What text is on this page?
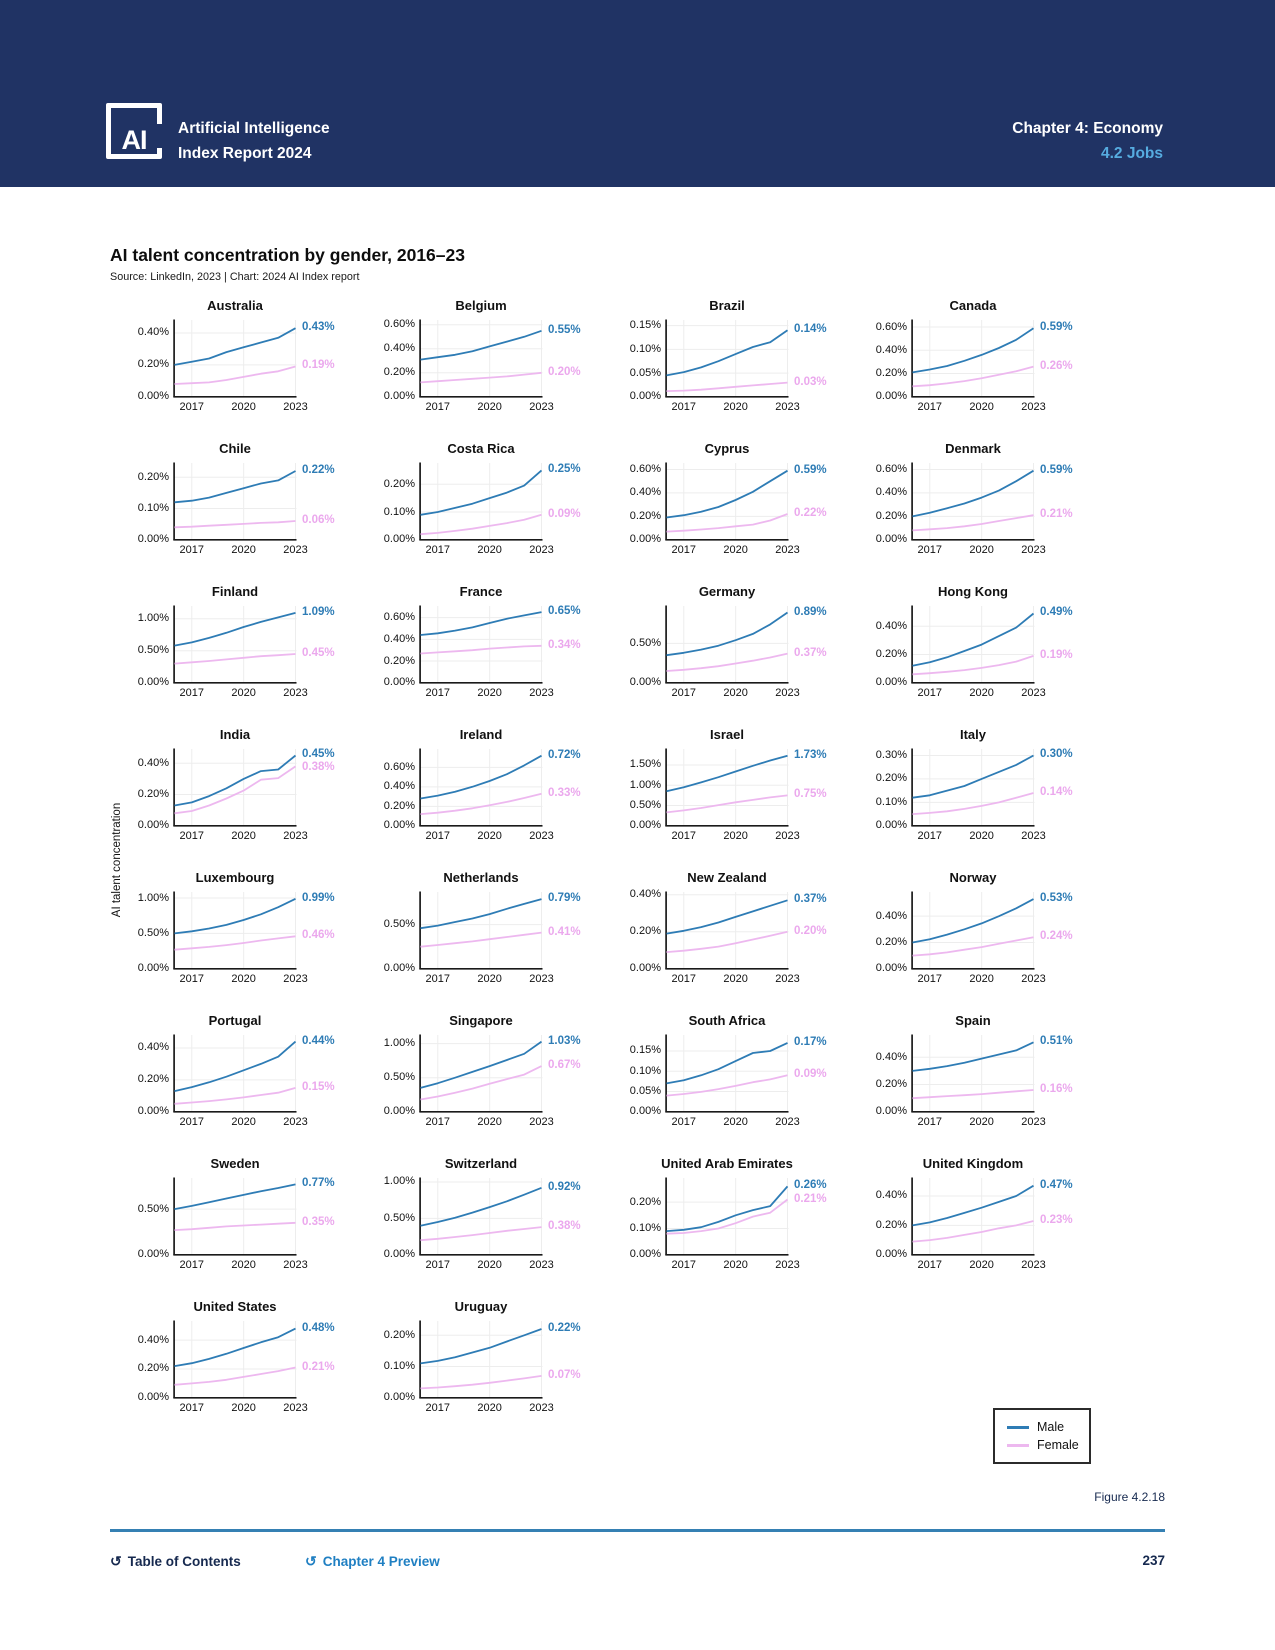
AI Artificial Intelligence
Index Report 2024
Chapter 4: Economy
4.2 Jobs
AI talent concentration by gender, 2016–23
Source: LinkedIn, 2023 | Chart: 2024 AI Index report
AI talent concentration
Australia
0.00%
0.20%
0.40%
2017	2020	2023
0.43%
0.19%
Belgium
0.00%
0.20%
0.40%
0.60%
2017	2020	2023
0.55%
0.20%
Brazil
0.00%
0.05%
0.10%
0.15%
2017	2020	2023
0.14%
0.03%
Canada
0.00%
0.20%
0.40%
0.60%
2017	2020	2023
0.59%
0.26%
Chile
0.00%
0.10%
0.20%
2017	2020	2023
0.22%
0.06%
Costa Rica
0.00%
0.10%
0.20%
2017	2020	2023
0.25%
0.09%
Cyprus
0.00%
0.20%
0.40%
0.60%
2017	2020	2023
0.59%
0.22%
Denmark
0.00%
0.20%
0.40%
0.60%
2017	2020	2023
0.59%
0.21%
Finland
0.00%
0.50%
1.00%
2017	2020	2023
1.09%
0.45%
France
0.00%
0.20%
0.40%
0.60%
2017	2020	2023
0.65%
0.34%
Germany
0.00%
0.50%
2017	2020	2023
0.89%
0.37%
Hong Kong
0.00%
0.20%
0.40%
2017	2020	2023
0.49%
0.19%
India
0.00%
0.20%
0.40%
2017	2020	2023
0.45%
0.38%
Ireland
0.00%
0.20%
0.40%
0.60%
2017	2020	2023
0.72%
0.33%
Israel
0.00%
0.50%
1.00%
1.50%
2017	2020	2023
1.73%
0.75%
Italy
0.00%
0.10%
0.20%
0.30%
2017	2020	2023
0.30%
0.14%
Luxembourg
0.00%
0.50%
1.00%
2017	2020	2023
0.99%
0.46%
Netherlands
0.00%
0.50%
2017	2020	2023
0.79%
0.41%
New Zealand
0.00%
0.20%
0.40%
2017	2020	2023
0.37%
0.20%
Norway
0.00%
0.20%
0.40%
2017	2020	2023
0.53%
0.24%
Portugal
0.00%
0.20%
0.40%
2017	2020	2023
0.44%
0.15%
Singapore
0.00%
0.50%
1.00%
2017	2020	2023
1.03%
0.67%
South Africa
0.00%
0.05%
0.10%
0.15%
2017	2020	2023
0.17%
0.09%
Spain
0.00%
0.20%
0.40%
2017	2020	2023
0.51%
0.16%
Sweden
0.00%
0.50%
2017	2020	2023
0.77%
0.35%
Switzerland
0.00%
0.50%
1.00%
2017	2020	2023
0.92%
0.38%
United Arab Emirates
0.00%
0.10%
0.20%
2017	2020	2023
0.26%
0.21%
United Kingdom
0.00%
0.20%
0.40%
2017	2020	2023
0.47%
0.23%
United States
0.00%
0.20%
0.40%
2017	2020	2023
0.48%
0.21%
Uruguay
0.00%
0.10%
0.20%
2017	2020	2023
0.22%
0.07%
Male
Female
Figure 4.2.18
↺ Table of Contents	↺ Chapter 4 Preview	237
